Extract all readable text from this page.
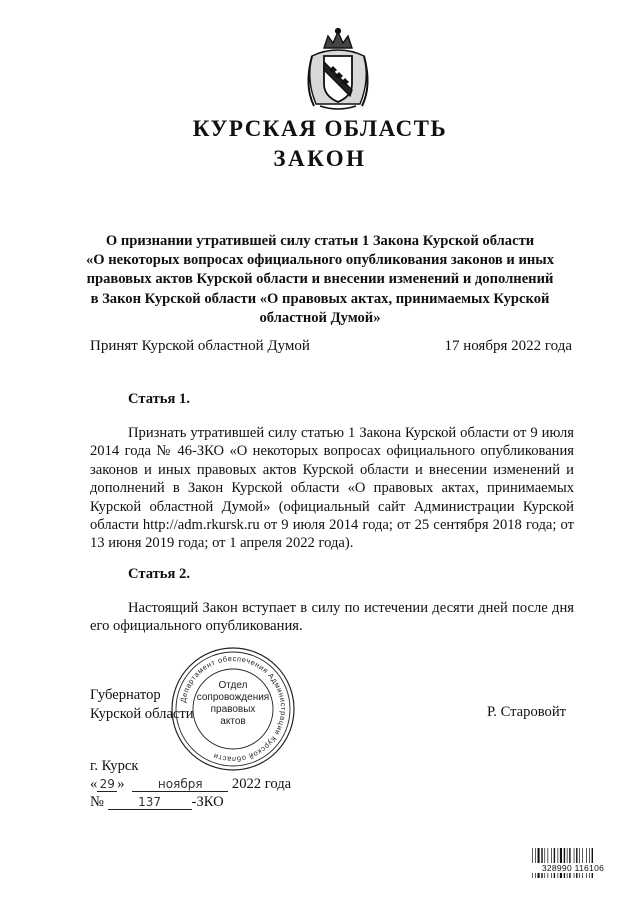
КУРСКАЯ ОБЛАСТЬ
ЗАКОН
О признании утратившей силу статьи 1 Закона Курской области
«О некоторых вопросах официального опубликования законов и иных
правовых актов Курской области и внесении изменений и дополнений
в Закон Курской области «О правовых актах, принимаемых Курской
областной Думой»
Принят Курской областной Думой	17 ноября 2022 года
Статья 1.
Признать утратившей силу статью 1 Закона Курской области от 9 июля 2014 года № 46-ЗКО «О некоторых вопросах официального опубликования законов и иных правовых актов Курской области и внесении изменений и дополнений в Закон Курской области «О правовых актах, принимаемых Курской областной Думой» (официальный сайт Администрации Курской области http://adm.rkursk.ru от 9 июля 2014 года; от 25 сентября 2018 года; от 13 июня 2019 года; от 1 апреля 2022 года).
Статья 2.
Настоящий Закон вступает в силу по истечении десяти дней после дня его официального опубликования.
Губернатор
Курской области	Р. Старовойт
Департамент обеспечения Администрации Курской области
Отдел
сопровождения
правовых
актов
г. Курск
« 29 »	ноября 2022 года
№	137 -ЗКО
328990 116106
